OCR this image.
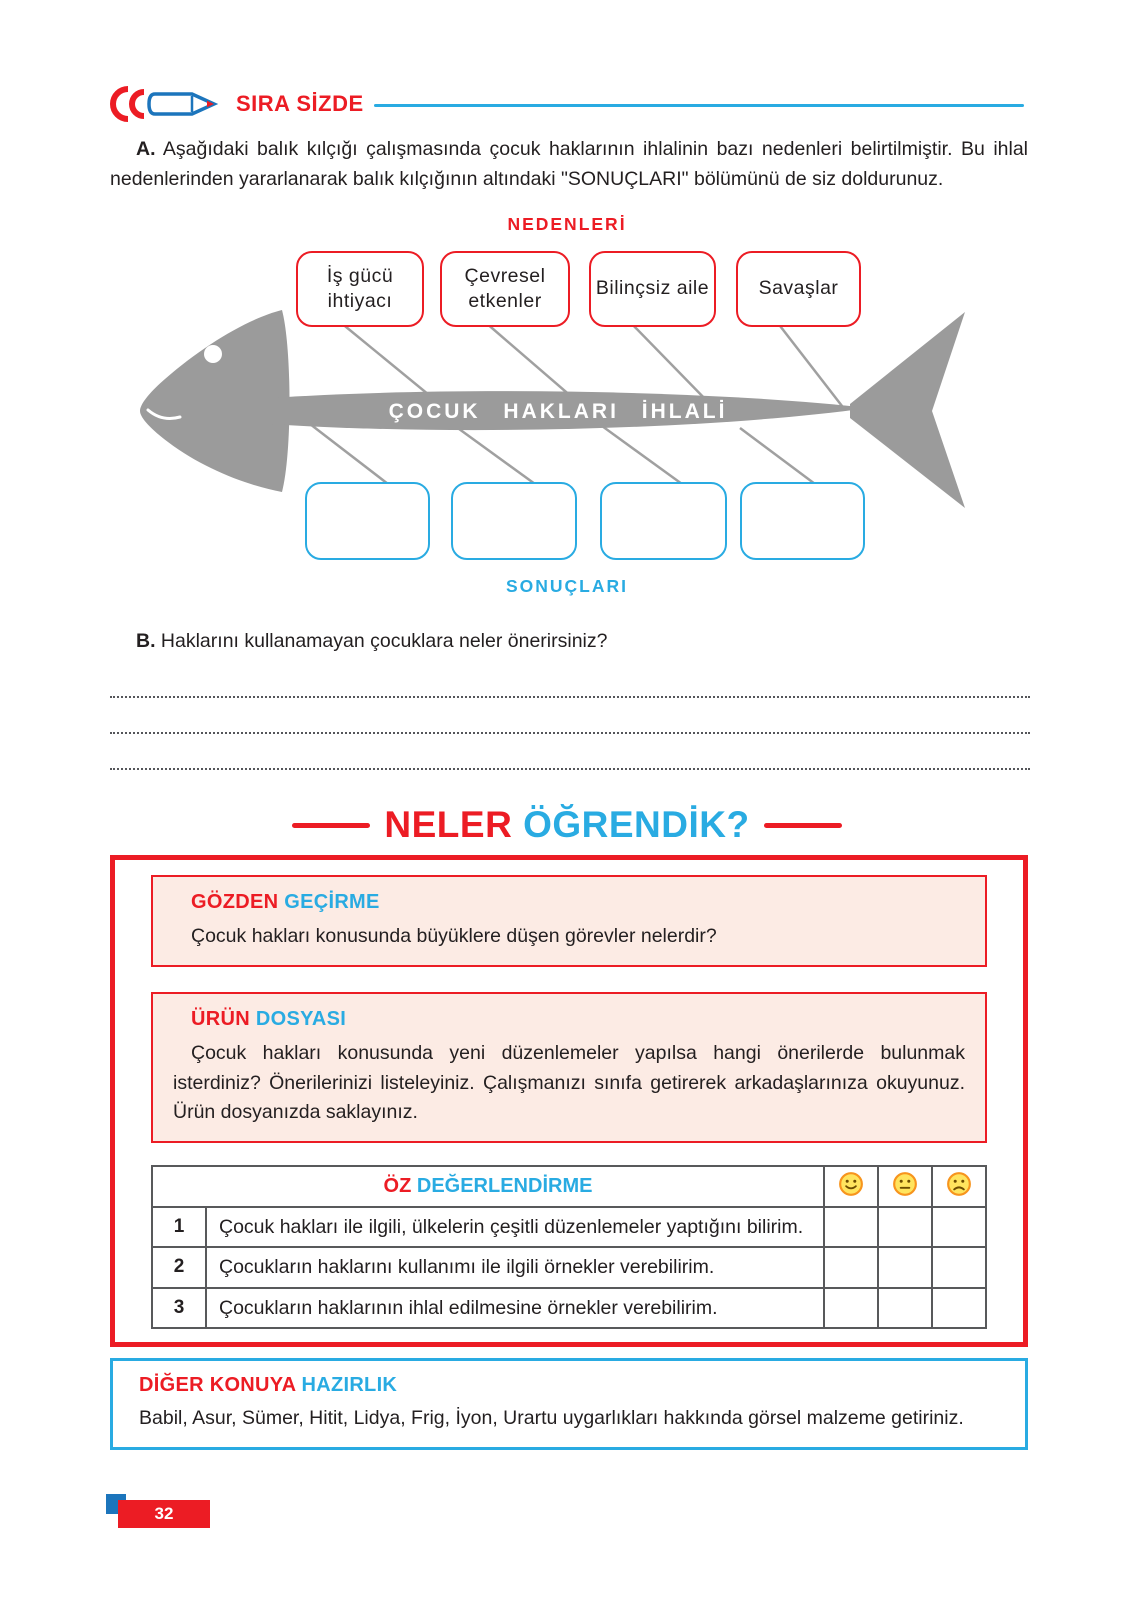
SIRA SİZDE

A. Aşağıdaki balık kılçığı çalışmasında çocuk haklarının ihlalinin bazı nedenleri belirtilmiştir. Bu ihlal nedenlerinden yararlanarak balık kılçığının altındaki "SONUÇLARI" bölümünü de siz doldurunuz.

NEDENLERİ
ÇOCUK HAKLARI İHLALİ
İş gücü ihtiyacı
Çevresel etkenler
Bilinçsiz aile	Savaşlar
SONUÇLARI

B. Haklarını kullanamayan çocuklara neler önerirsiniz?

NELER ÖĞRENDİK?
GÖZDEN GEÇİRME

Çocuk hakları konusunda büyüklere düşen görevler nelerdir?

ÜRÜN DOSYASI

Çocuk hakları konusunda yeni düzenlemeler yapılsa hangi önerilerde bulunmak isterdiniz? Önerilerinizi listeleyiniz. Çalışmanızı sınıfa getirerek arkadaşlarınıza okuyunuz. Ürün dosyanızda saklayınız.

ÖZ DEĞERLENDİRME			
1	Çocuk hakları ile ilgili, ülkelerin çeşitli düzenlemeler yaptığını bilirim.			
2	Çocukların haklarını kullanımı ile ilgili örnekler verebilirim.			
3	Çocukların haklarının ihlal edilmesine örnekler verebilirim.			
DİĞER KONUYA HAZIRLIK

Babil, Asur, Sümer, Hitit, Lidya, Frig, İyon, Urartu uygarlıkları hakkında görsel malzeme getiriniz.

32
